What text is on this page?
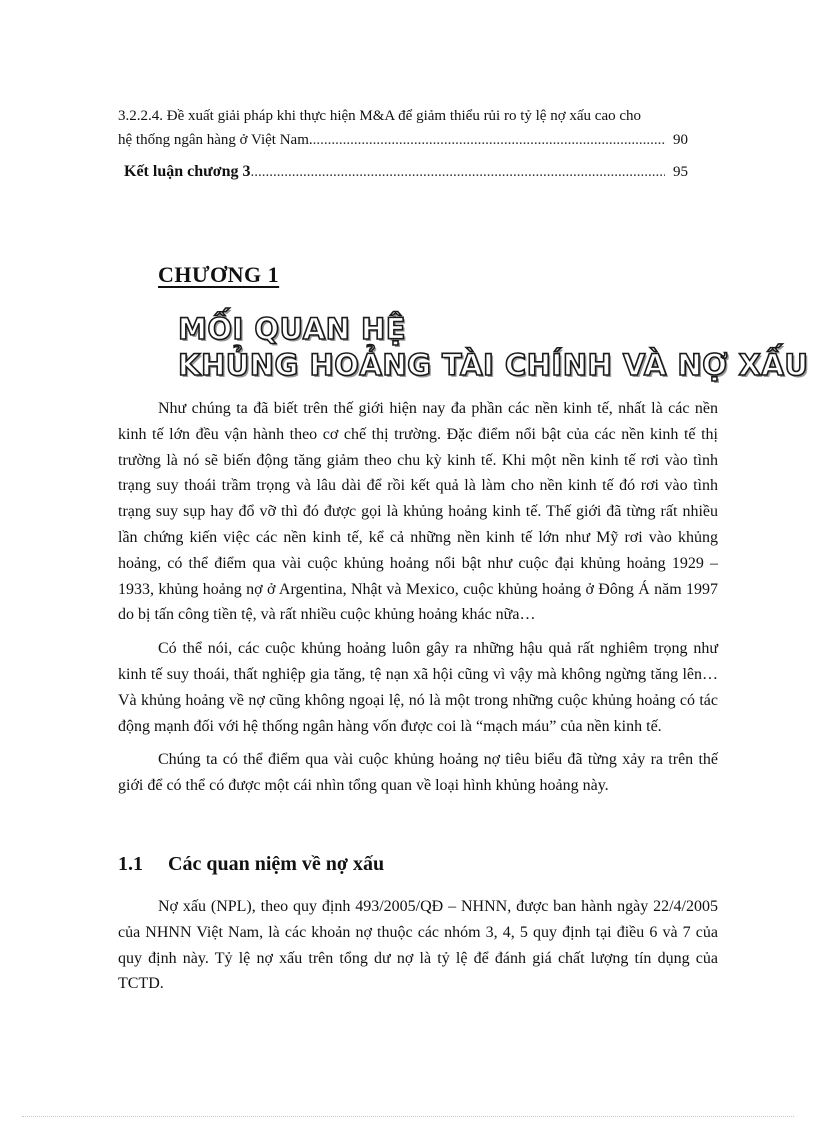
3.2.2.4. Đề xuất giải pháp khi thực hiện M&A để giảm thiểu rủi ro tỷ lệ nợ xấu cao cho
hệ thống ngân hàng ở Việt Nam. .....	90
Kết luận chương 3 .....	95
CHƯƠNG 1
MỐI QUAN HỆ
KHỦNG HOẢNG TÀI CHÍNH VÀ NỢ XẤU

Như chúng ta đã biết trên thế giới hiện nay đa phần các nền kinh tế, nhất là các nền kinh tế lớn đều vận hành theo cơ chế thị trường. Đặc điểm nổi bật của các nền kinh tế thị trường là nó sẽ biến động tăng giảm theo chu kỳ kinh tế. Khi một nền kinh tế rơi vào tình trạng suy thoái trầm trọng và lâu dài để rồi kết quả là làm cho nền kinh tế đó rơi vào tình trạng suy sụp hay đổ vỡ thì đó được gọi là khủng hoảng kinh tế. Thế giới đã từng rất nhiều lần chứng kiến việc các nền kinh tế, kể cả những nền kinh tế lớn như Mỹ rơi vào khủng hoảng, có thể điểm qua vài cuộc khủng hoảng nổi bật như cuộc đại khủng hoảng 1929 – 1933, khủng hoảng nợ ở Argentina, Nhật và Mexico, cuộc khủng hoảng ở Đông Á năm 1997 do bị tấn công tiền tệ, và rất nhiều cuộc khủng hoảng khác nữa…

Có thể nói, các cuộc khủng hoảng luôn gây ra những hậu quả rất nghiêm trọng như kinh tế suy thoái, thất nghiệp gia tăng, tệ nạn xã hội cũng vì vậy mà không ngừng tăng lên… Và khủng hoảng về nợ cũng không ngoại lệ, nó là một trong những cuộc khủng hoảng có tác động mạnh đối với hệ thống ngân hàng vốn được coi là “mạch máu” của nền kinh tế.

Chúng ta có thể điểm qua vài cuộc khủng hoảng nợ tiêu biểu đã từng xảy ra trên thế giới để có thể có được một cái nhìn tổng quan về loại hình khủng hoảng này.

1.1 Các quan niệm về nợ xấu

Nợ xấu (NPL), theo quy định 493/2005/QĐ – NHNN, được ban hành ngày 22/4/2005 của NHNN Việt Nam, là các khoản nợ thuộc các nhóm 3, 4, 5 quy định tại điều 6 và 7 của quy định này. Tỷ lệ nợ xấu trên tổng dư nợ là tỷ lệ để đánh giá chất lượng tín dụng của TCTD.
